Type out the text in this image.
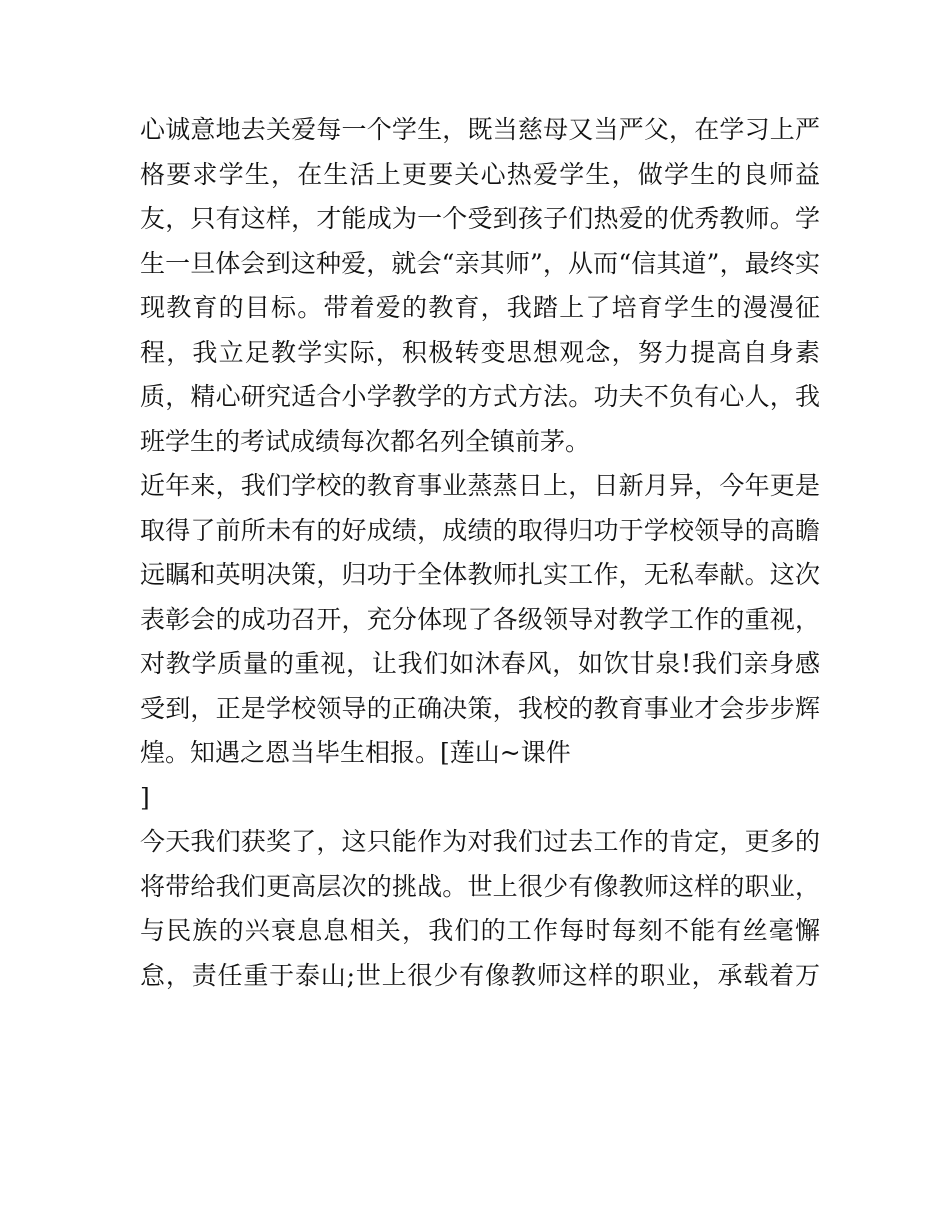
心诚意地去关爱每一个学生，既当慈母又当严父，在学习上严
格要求学生，在生活上更要关心热爱学生，做学生的良师益
友，只有这样，才能成为一个受到孩子们热爱的优秀教师。学
生一旦体会到这种爱，就会“亲其师”，从而“信其道”，最终实
现教育的目标。带着爱的教育，我踏上了培育学生的漫漫征
程，我立足教学实际，积极转变思想观念，努力提高自身素
质，精心研究适合小学教学的方式方法。功夫不负有心人，我
班学生的考试成绩每次都名列全镇前茅。
近年来，我们学校的教育事业蒸蒸日上，日新月异，今年更是
取得了前所未有的好成绩，成绩的取得归功于学校领导的高瞻
远瞩和英明决策，归功于全体教师扎实工作，无私奉献。这次
表彰会的成功召开，充分体现了各级领导对教学工作的重视，
对教学质量的重视，让我们如沐春风，如饮甘泉!我们亲身感
受到，正是学校领导的正确决策，我校的教育事业才会步步辉
煌。知遇之恩当毕生相报。[莲山~课件
]
今天我们获奖了，这只能作为对我们过去工作的肯定，更多的
将带给我们更高层次的挑战。世上很少有像教师这样的职业，
与民族的兴衰息息相关，我们的工作每时每刻不能有丝毫懈
怠，责任重于泰山;世上很少有像教师这样的职业，承载着万
